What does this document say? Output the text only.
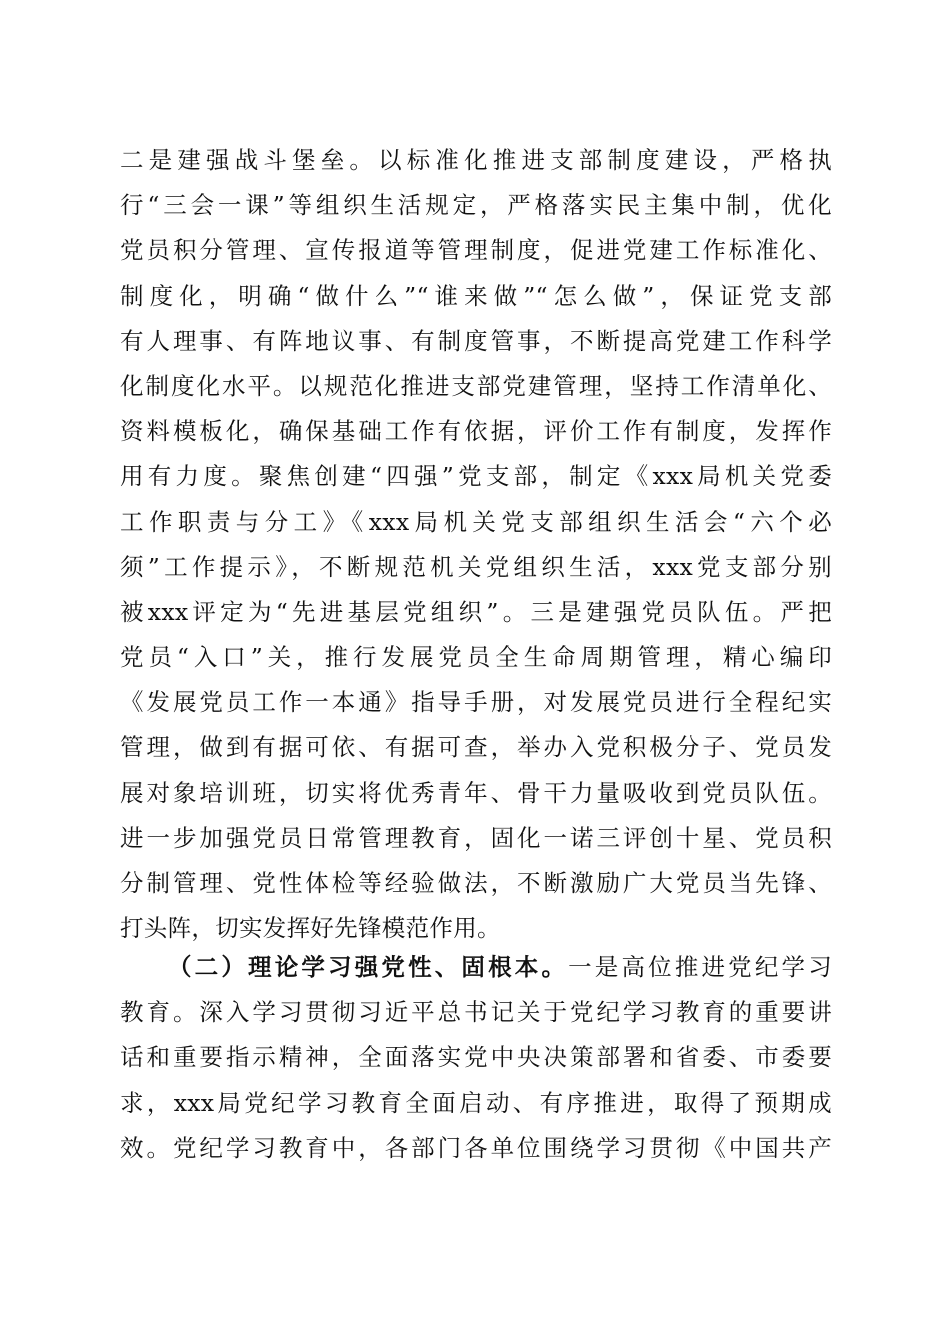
二是建强战斗堡垒。以标准化推进支部制度建设，严格执
行“三会一课”等组织生活规定，严格落实民主集中制，优化
党员积分管理、宣传报道等管理制度，促进党建工作标准化、
制度化，明确“做什么”“谁来做”“怎么做”，保证党支部
有人理事、有阵地议事、有制度管事，不断提高党建工作科学
化制度化水平。以规范化推进支部党建管理，坚持工作清单化、
资料模板化，确保基础工作有依据，评价工作有制度，发挥作
用有力度。聚焦创建“四强”党支部，制定《xxx局机关党委
工作职责与分工》《xxx局机关党支部组织生活会“六个必
须”工作提示》，不断规范机关党组织生活，xxx党支部分别
被xxx评定为“先进基层党组织”。三是建强党员队伍。严把
党员“入口”关，推行发展党员全生命周期管理，精心编印
《发展党员工作一本通》指导手册，对发展党员进行全程纪实
管理，做到有据可依、有据可查，举办入党积极分子、党员发
展对象培训班，切实将优秀青年、骨干力量吸收到党员队伍。
进一步加强党员日常管理教育，固化一诺三评创十星、党员积
分制管理、党性体检等经验做法，不断激励广大党员当先锋、
打头阵，切实发挥好先锋模范作用。
（二）理论学习强党性、固根本。一是高位推进党纪学习
教育。深入学习贯彻习近平总书记关于党纪学习教育的重要讲
话和重要指示精神，全面落实党中央决策部署和省委、市委要
求，xxx局党纪学习教育全面启动、有序推进，取得了预期成
效。党纪学习教育中，各部门各单位围绕学习贯彻《中国共产
